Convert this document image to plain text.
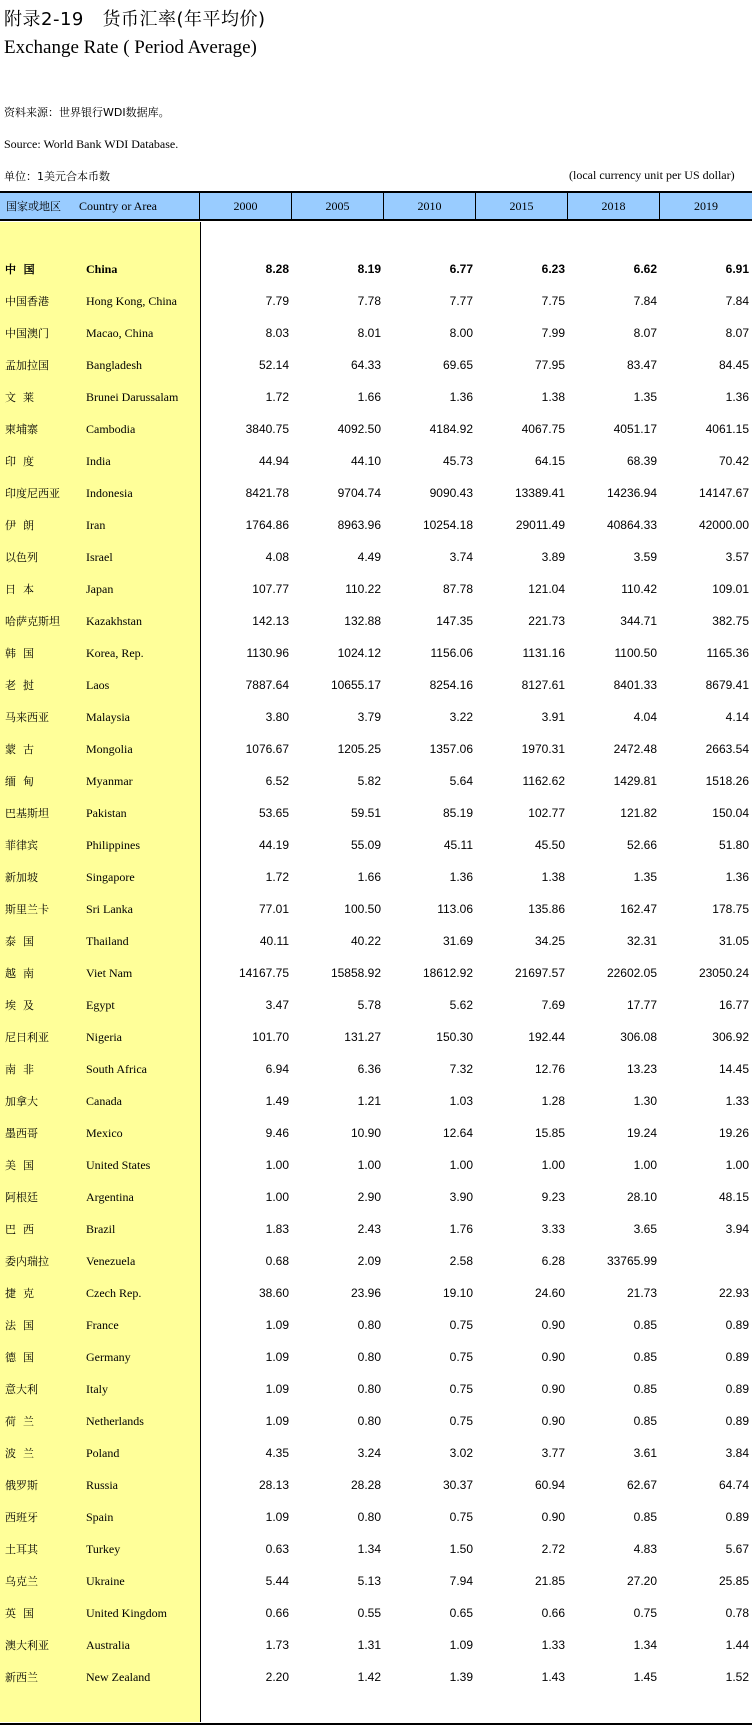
附录2-19   货币汇率(年平均价)
Exchange Rate ( Period Average)
资料来源：世界银行WDI数据库。
Source: World Bank WDI Database.
单位：1美元合本币数	(local currency unit per US dollar)
国家或地区 Country or Area	2000	2005	2010	2015	2018	2019
中  国	China	8.28	8.19	6.77	6.23	6.62	6.91
中国香港	Hong Kong, China	7.79	7.78	7.77	7.75	7.84	7.84
中国澳门	Macao, China	8.03	8.01	8.00	7.99	8.07	8.07
孟加拉国	Bangladesh	52.14	64.33	69.65	77.95	83.47	84.45
文  莱	Brunei Darussalam	1.72	1.66	1.36	1.38	1.35	1.36
柬埔寨	Cambodia	3840.75	4092.50	4184.92	4067.75	4051.17	4061.15
印  度	India	44.94	44.10	45.73	64.15	68.39	70.42
印度尼西亚 Indonesia	8421.78	9704.74	9090.43	13389.41	14236.94	14147.67
伊  朗	Iran	1764.86	8963.96	10254.18	29011.49	40864.33	42000.00
以色列	Israel	4.08	4.49	3.74	3.89	3.59	3.57
日  本	Japan	107.77	110.22	87.78	121.04	110.42	109.01
哈萨克斯坦 Kazakhstan	142.13	132.88	147.35	221.73	344.71	382.75
韩  国	Korea, Rep.	1130.96	1024.12	1156.06	1131.16	1100.50	1165.36
老  挝	Laos	7887.64	10655.17	8254.16	8127.61	8401.33	8679.41
马来西亚	Malaysia	3.80	3.79	3.22	3.91	4.04	4.14
蒙  古	Mongolia	1076.67	1205.25	1357.06	1970.31	2472.48	2663.54
缅  甸	Myanmar	6.52	5.82	5.64	1162.62	1429.81	1518.26
巴基斯坦	Pakistan	53.65	59.51	85.19	102.77	121.82	150.04
菲律宾	Philippines	44.19	55.09	45.11	45.50	52.66	51.80
新加坡	Singapore	1.72	1.66	1.36	1.38	1.35	1.36
斯里兰卡	Sri Lanka	77.01	100.50	113.06	135.86	162.47	178.75
泰  国	Thailand	40.11	40.22	31.69	34.25	32.31	31.05
越  南	Viet Nam	14167.75	15858.92	18612.92	21697.57	22602.05	23050.24
埃  及	Egypt	3.47	5.78	5.62	7.69	17.77	16.77
尼日利亚	Nigeria	101.70	131.27	150.30	192.44	306.08	306.92
南  非	South Africa	6.94	6.36	7.32	12.76	13.23	14.45
加拿大	Canada	1.49	1.21	1.03	1.28	1.30	1.33
墨西哥	Mexico	9.46	10.90	12.64	15.85	19.24	19.26
美  国	United States	1.00	1.00	1.00	1.00	1.00	1.00
阿根廷	Argentina	1.00	2.90	3.90	9.23	28.10	48.15
巴  西	Brazil	1.83	2.43	1.76	3.33	3.65	3.94
委内瑞拉	Venezuela	0.68	2.09	2.58	6.28	33765.99
捷  克	Czech Rep.	38.60	23.96	19.10	24.60	21.73	22.93
法  国	France	1.09	0.80	0.75	0.90	0.85	0.89
德  国	Germany	1.09	0.80	0.75	0.90	0.85	0.89
意大利	Italy	1.09	0.80	0.75	0.90	0.85	0.89
荷  兰	Netherlands	1.09	0.80	0.75	0.90	0.85	0.89
波  兰	Poland	4.35	3.24	3.02	3.77	3.61	3.84
俄罗斯	Russia	28.13	28.28	30.37	60.94	62.67	64.74
西班牙	Spain	1.09	0.80	0.75	0.90	0.85	0.89
土耳其	Turkey	0.63	1.34	1.50	2.72	4.83	5.67
乌克兰	Ukraine	5.44	5.13	7.94	21.85	27.20	25.85
英  国	United Kingdom	0.66	0.55	0.65	0.66	0.75	0.78
澳大利亚	Australia	1.73	1.31	1.09	1.33	1.34	1.44
新西兰	New Zealand	2.20	1.42	1.39	1.43	1.45	1.52
